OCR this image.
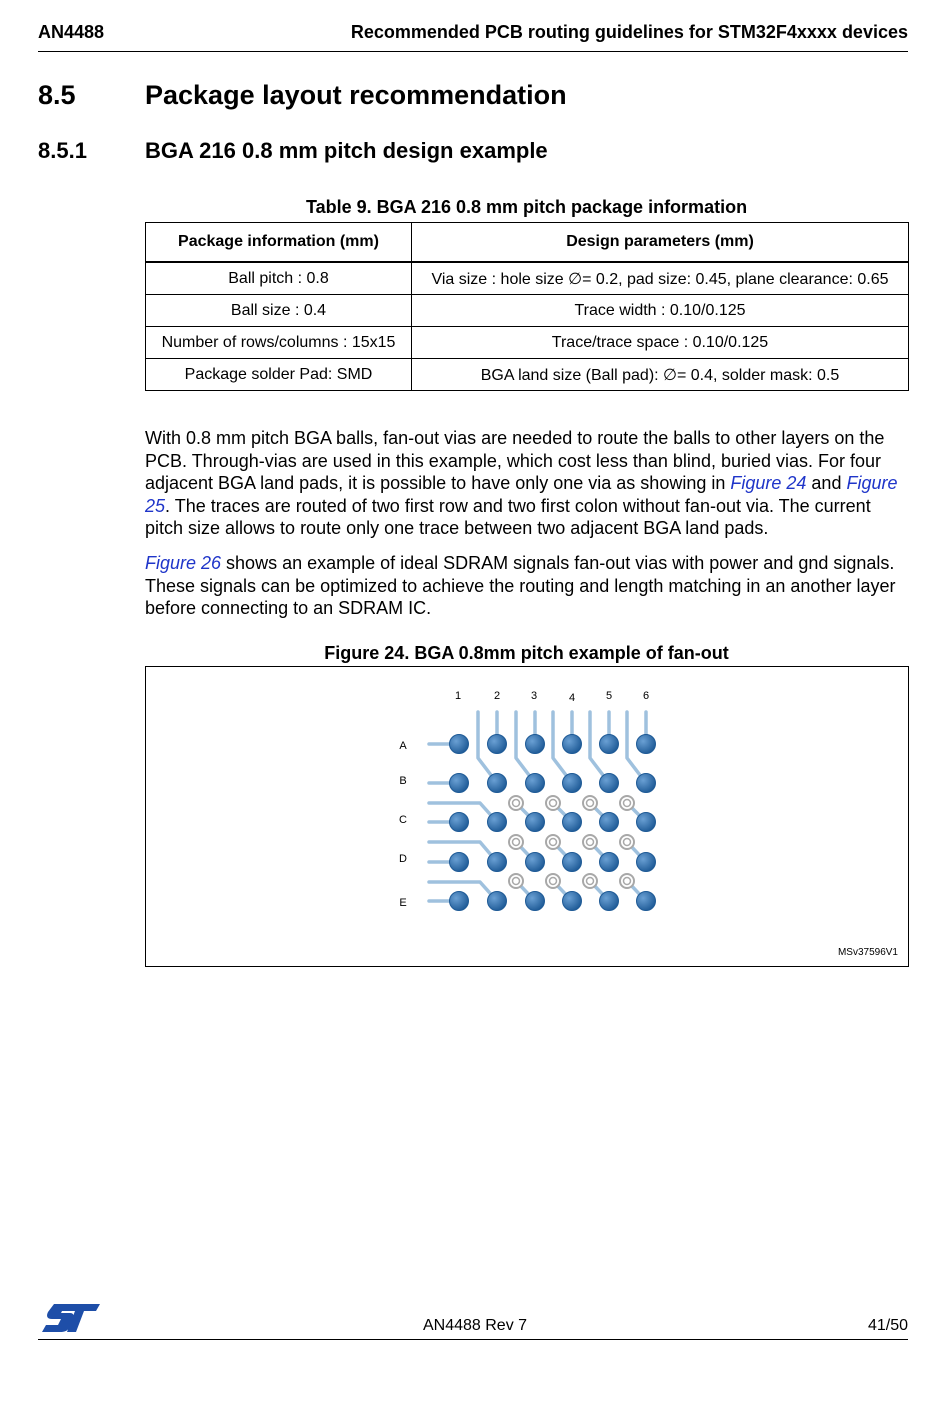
AN4488	Recommended PCB routing guidelines for STM32F4xxxx devices
8.5	Package layout recommendation
8.5.1	BGA 216 0.8 mm pitch design example
Table 9. BGA 216 0.8 mm pitch package information
Package information (mm)	Design parameters (mm)
Ball pitch : 0.8	Via size : hole size ∅= 0.2, pad size: 0.45, plane clearance: 0.65
Ball size : 0.4	Trace width : 0.10/0.125
Number of rows/columns : 15x15	Trace/trace space : 0.10/0.125
Package solder Pad: SMD	BGA land size (Ball pad): ∅= 0.4, solder mask: 0.5
With 0.8 mm pitch BGA balls, fan-out vias are needed to route the balls to other layers on the PCB. Through-vias are used in this example, which cost less than blind, buried vias. For four adjacent BGA land pads, it is possible to have only one via as showing in Figure 24 and Figure 25. The traces are routed of two first row and two first colon without fan-out via. The current pitch size allows to route only one trace between two adjacent BGA land pads.
Figure 26 shows an example of ideal SDRAM signals fan-out vias with power and gnd signals. These signals can be optimized to achieve the routing and length matching in an another layer before connecting to an SDRAM IC.
Figure 24. BGA 0.8mm pitch example of fan-out
1	2	3	4	5	6
A
B
C
D
E
MSv37596V1
AN4488 Rev 7	41/50
